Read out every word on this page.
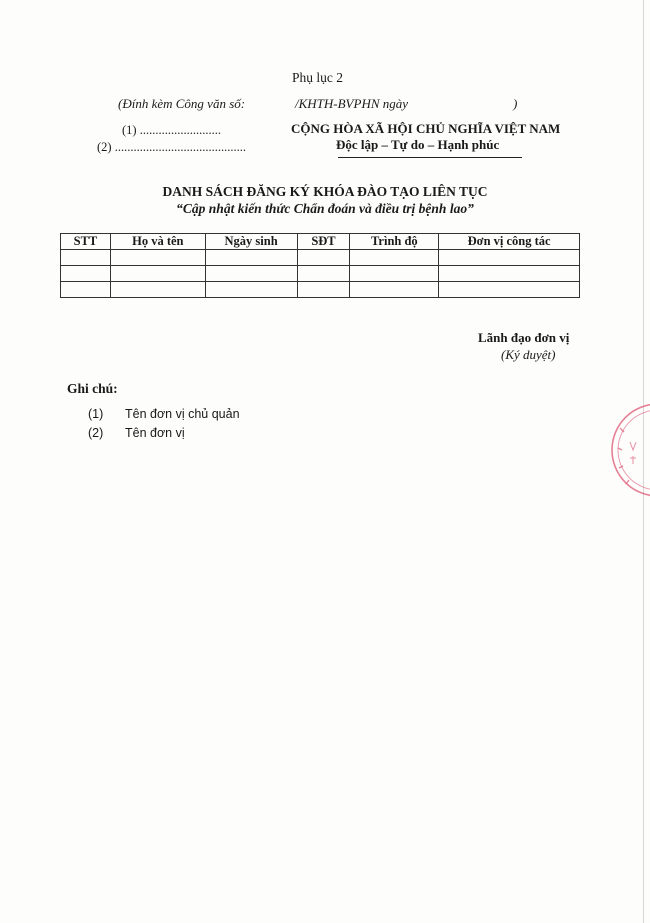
Phụ lục 2
(Đính kèm Công văn số:	/KHTH-BVPHN ngày	)
(1) ..........................
(2) ..........................................
CỘNG HÒA XÃ HỘI CHỦ NGHĨA VIỆT NAM
Độc lập – Tự do – Hạnh phúc
DANH SÁCH ĐĂNG KÝ KHÓA ĐÀO TẠO LIÊN TỤC
“Cập nhật kiến thức Chẩn đoán và điều trị bệnh lao”
STT	Họ và tên	Ngày sinh	SĐT	Trình độ	Đơn vị công tác

Lãnh đạo đơn vị
(Ký duyệt)
Ghi chú:
(1) Tên đơn vị chủ quản
(2) Tên đơn vị
